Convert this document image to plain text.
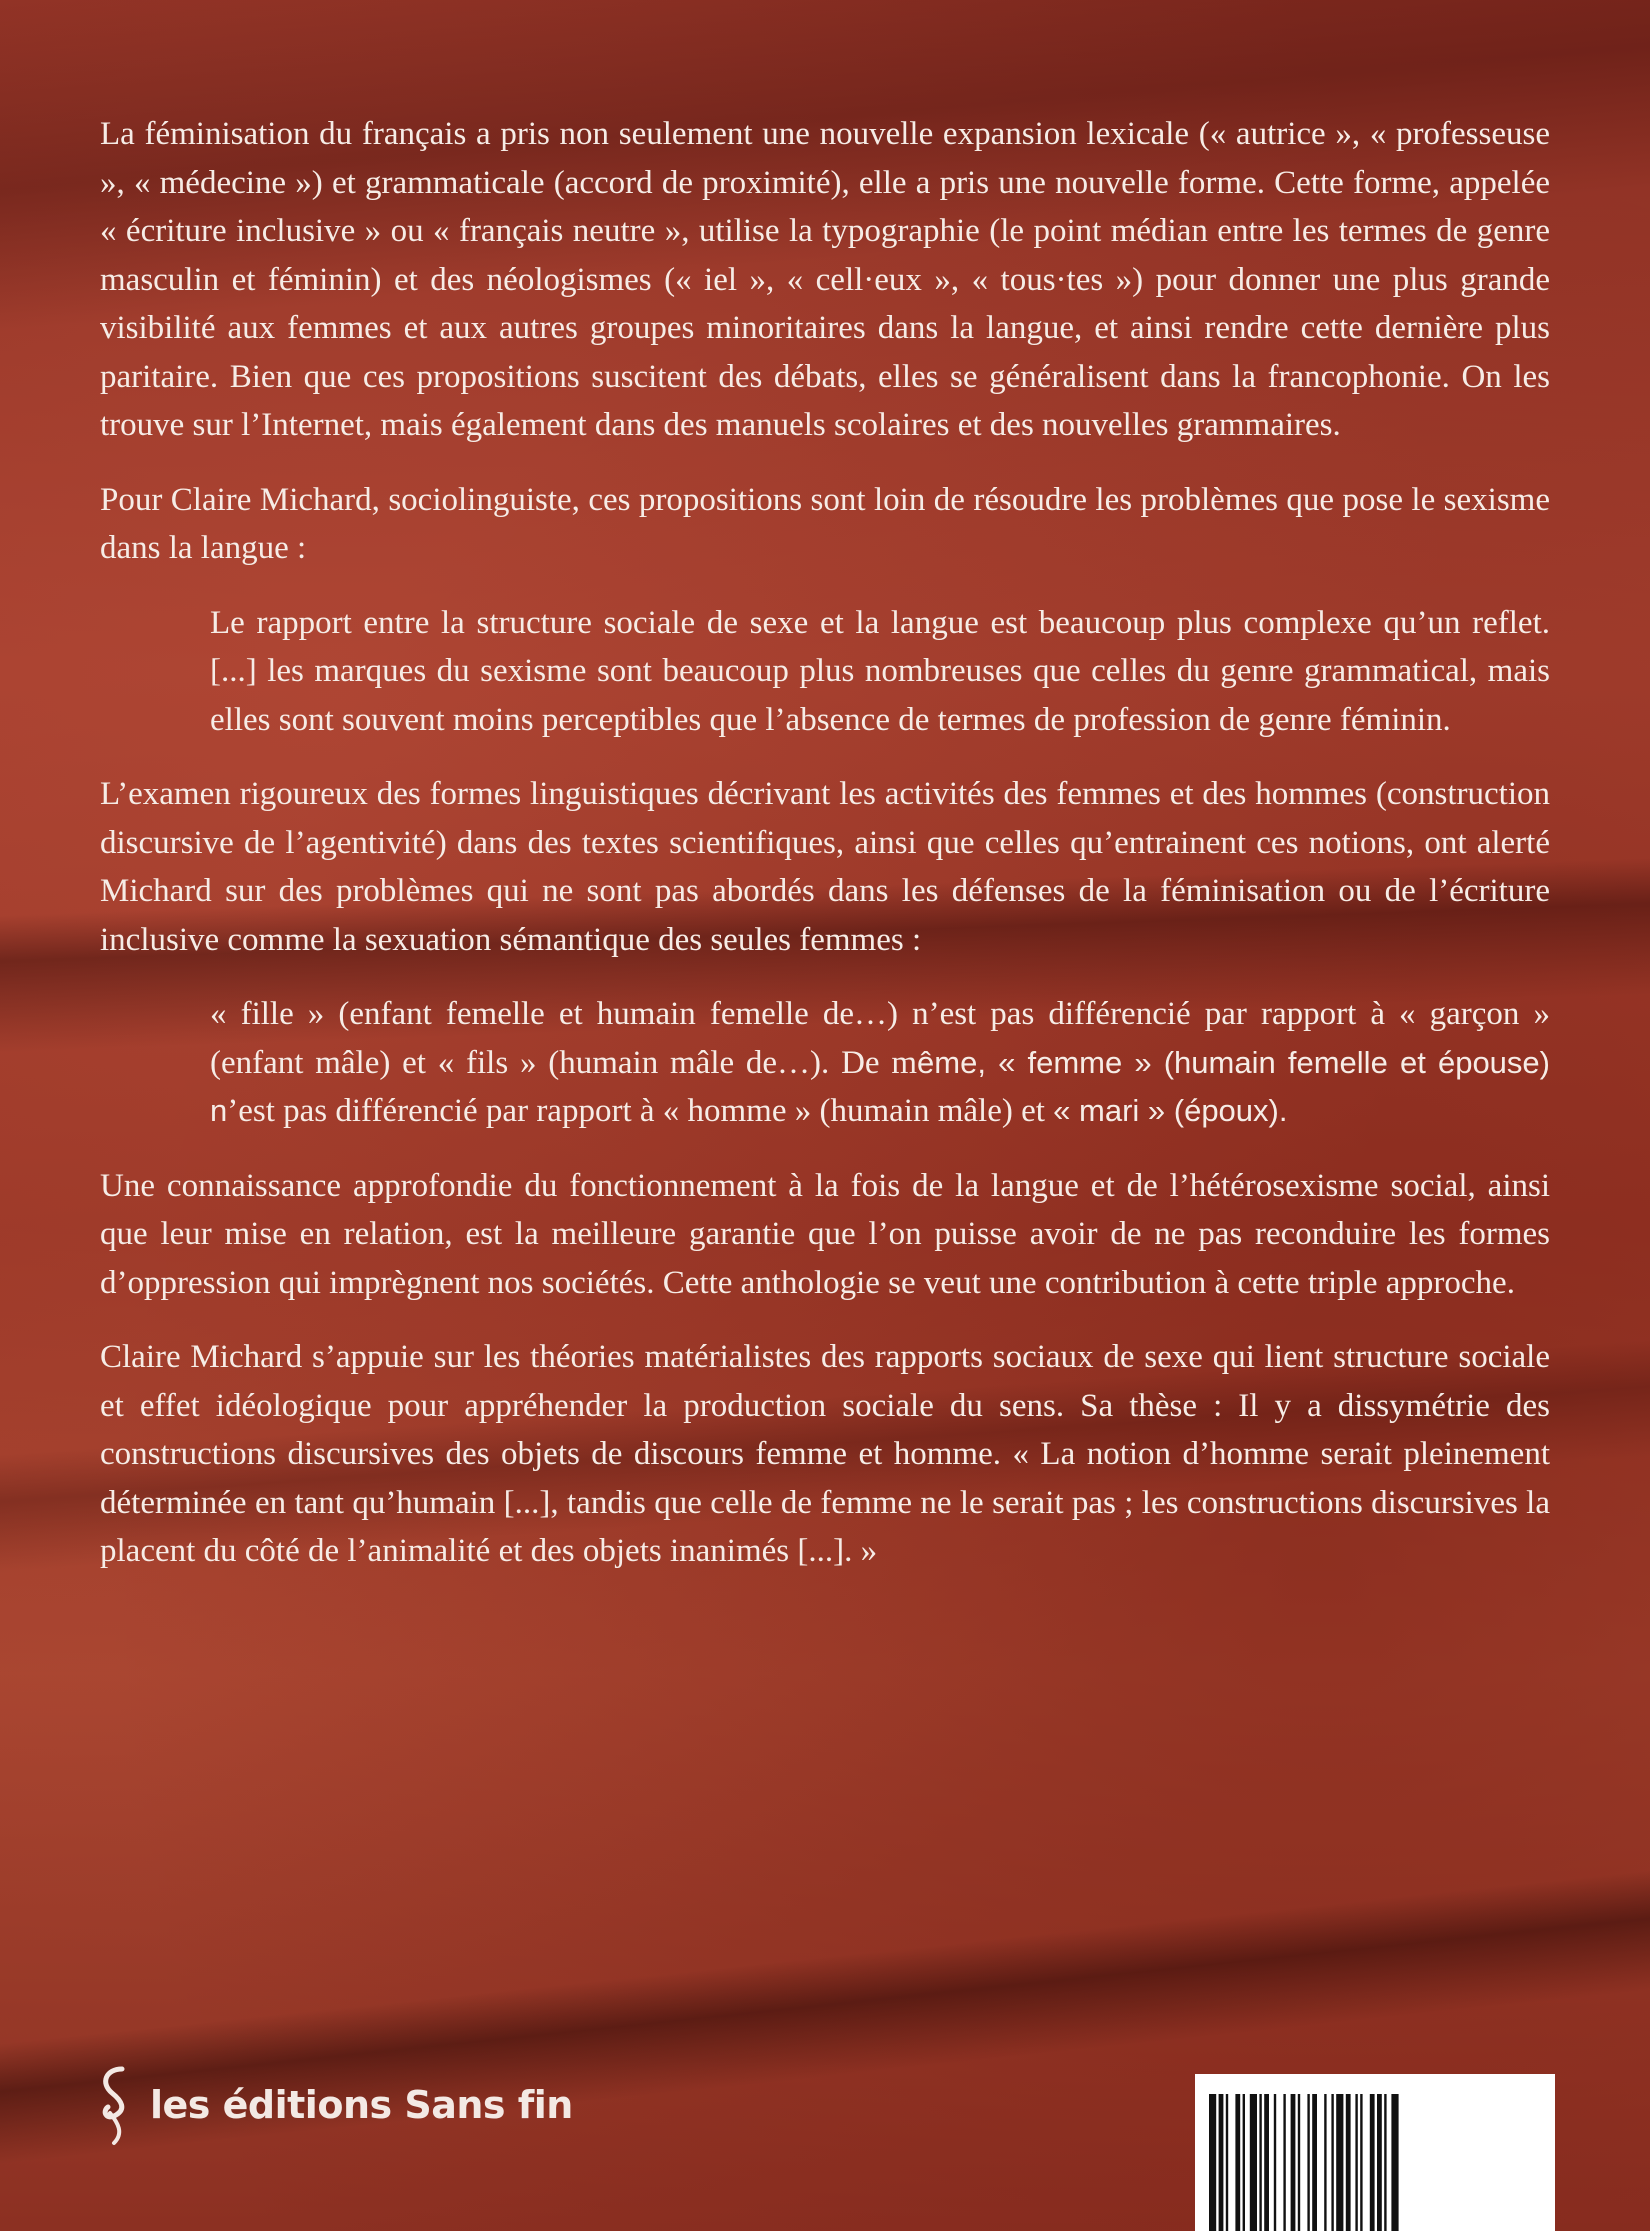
La féminisation du français a pris non seulement une nouvelle expansion lexicale (« autrice », « professeuse », « médecine ») et grammaticale (accord de proximité), elle a pris une nouvelle forme. Cette forme, appelée « écriture inclusive » ou « français neutre », utilise la typographie (le point médian entre les termes de genre masculin et féminin) et des néologismes (« iel », « cell·eux », « tous·tes ») pour donner une plus grande visibilité aux femmes et aux autres groupes minoritaires dans la langue, et ainsi rendre cette dernière plus paritaire. Bien que ces propositions suscitent des débats, elles se généralisent dans la francophonie. On les trouve sur l’Internet, mais également dans des manuels scolaires et des nouvelles grammaires.

Pour Claire Michard, sociolinguiste, ces propositions sont loin de résoudre les problèmes que pose le sexisme dans la langue :

Le rapport entre la structure sociale de sexe et la langue est beaucoup plus complexe qu’un reflet. [...] les marques du sexisme sont beaucoup plus nombreuses que celles du genre grammatical, mais elles sont souvent moins perceptibles que l’absence de termes de profession de genre féminin.

L’examen rigoureux des formes linguistiques décrivant les activités des femmes et des hommes (construction discursive de l’agentivité) dans des textes scientifiques, ainsi que celles qu’entrainent ces notions, ont alerté Michard sur des problèmes qui ne sont pas abordés dans les défenses de la féminisation ou de l’écriture inclusive comme la sexuation sémantique des seules femmes :

« fille » (enfant femelle et humain femelle de…) n’est pas différencié par rapport à « garçon » (enfant mâle) et « fils » (humain mâle de…). De même, « femme » (humain femelle et épouse) n’est pas différencié par rapport à « homme » (humain mâle) et « mari » (époux).

Une connaissance approfondie du fonctionnement à la fois de la langue et de l’hétérosexisme social, ainsi que leur mise en relation, est la meilleure garantie que l’on puisse avoir de ne pas reconduire les formes d’oppression qui imprègnent nos sociétés. Cette anthologie se veut une contribution à cette triple approche.

Claire Michard s’appuie sur les théories matérialistes des rapports sociaux de sexe qui lient structure sociale et effet idéologique pour appréhender la production sociale du sens. Sa thèse : Il y a dissymétrie des constructions discursives des objets de discours femme et homme. « La notion d’homme serait pleinement déterminée en tant qu’humain [...], tandis que celle de femme ne le serait pas ; les constructions discursives la placent du côté de l’animalité et des objets inanimés [...]. »

les éditions Sans fin
